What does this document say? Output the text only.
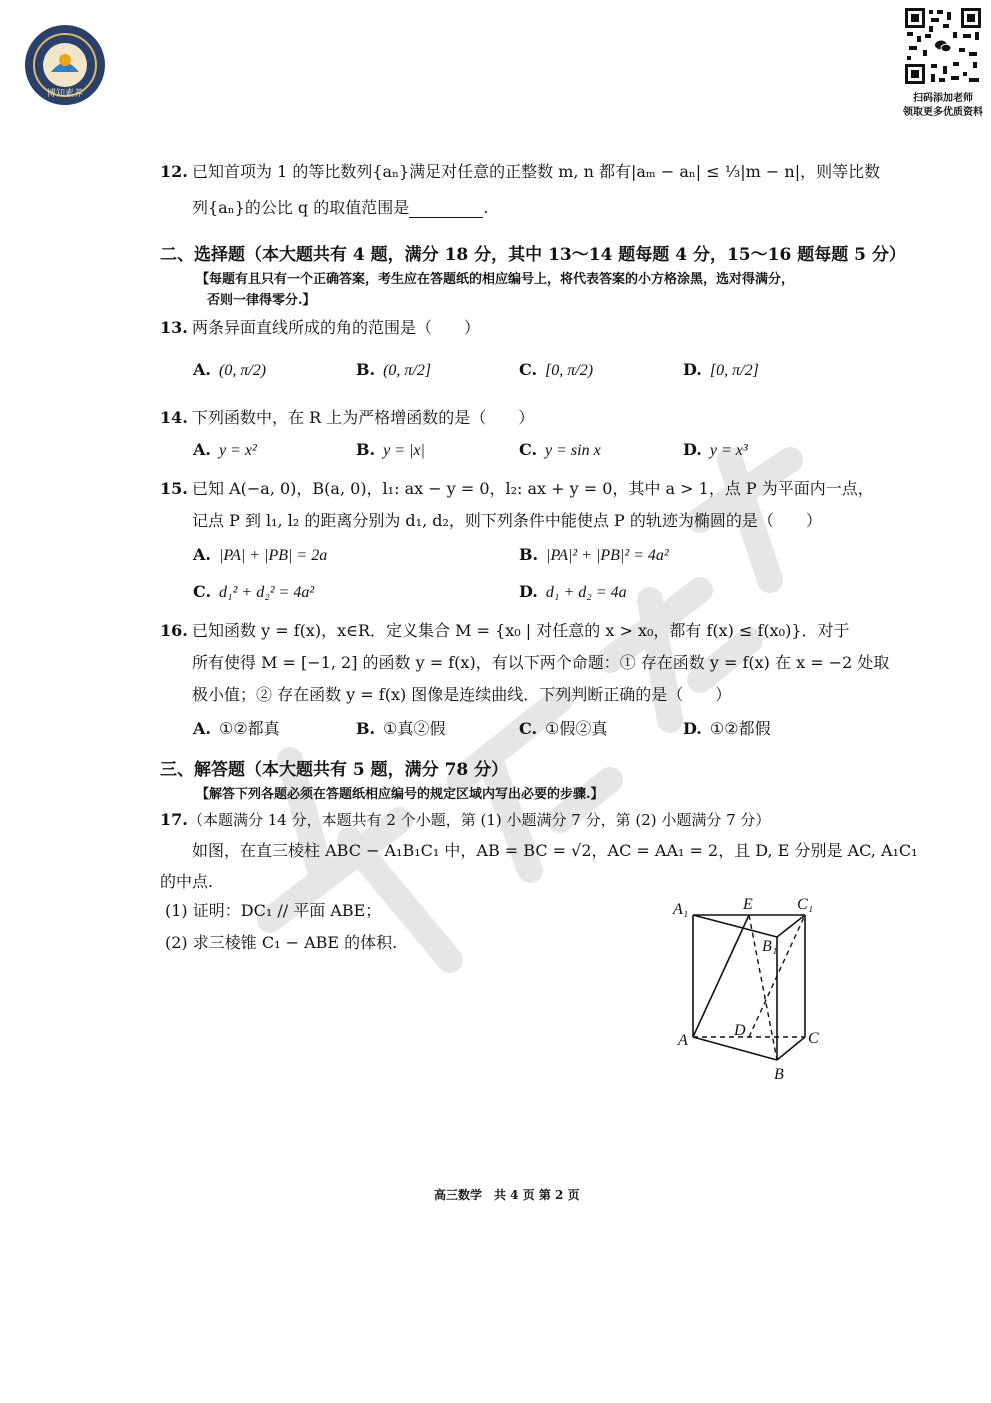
博知素养	扫码添加老师
领取更多优质资料
12. 已知首项为 1 的等比数列{aₙ}满足对任意的正整数 m, n 都有|aₘ − aₙ| ≤ ⅓|m − n|，则等比数
列{aₙ}的公比 q 的取值范围是	.
二、选择题（本大题共有 4 题，满分 18 分，其中 13～14 题每题 4 分，15～16 题每题 5 分）
【每题有且只有一个正确答案，考生应在答题纸的相应编号上，将代表答案的小方格涂黑，选对得满分，
否则一律得零分.】
13. 两条异面直线所成的角的范围是（　　）
A. (0, π/2)	B. (0, π/2]	C. [0, π/2)	D. [0, π/2]
14. 下列函数中，在 R 上为严格增函数的是（　　）
A. y = x²	B. y = |x|	C. y = sin x	D. y = x³
15. 已知 A(−a, 0)，B(a, 0)，l₁: ax − y = 0，l₂: ax + y = 0，其中 a > 1，点 P 为平面内一点，
记点 P 到 l₁, l₂ 的距离分别为 d₁, d₂，则下列条件中能使点 P 的轨迹为椭圆的是（　　）
A. |PA| + |PB| = 2a	B. |PA|² + |PB|² = 4a²
C. d₁² + d₂² = 4a²	D. d₁ + d₂ = 4a
16. 已知函数 y = f(x)，x∈R．定义集合 M = {x₀ | 对任意的 x > x₀，都有 f(x) ≤ f(x₀)}．对于
所有使得 M = [−1, 2] 的函数 y = f(x)，有以下两个命题：① 存在函数 y = f(x) 在 x = −2 处取
极小值；② 存在函数 y = f(x) 图像是连续曲线．下列判断正确的是（　　）
A. ①②都真	B. ①真②假	C. ①假②真	D. ①②都假
三、解答题（本大题共有 5 题，满分 78 分）
【解答下列各题必须在答题纸相应编号的规定区域内写出必要的步骤.】
17. （本题满分 14 分，本题共有 2 个小题，第 (1) 小题满分 7 分，第 (2) 小题满分 7 分）
如图，在直三棱柱 ABC − A₁B₁C₁ 中，AB = BC = √2，AC = AA₁ = 2，且 D, E 分别是 AC, A₁C₁
的中点.
(1) 证明：DC₁ // 平面 ABE；
(2) 求三棱锥 C₁ − ABE 的体积.
A₁	E	C₁
B₁
A
D	C
B
高三数学　共 4 页 第 2 页
